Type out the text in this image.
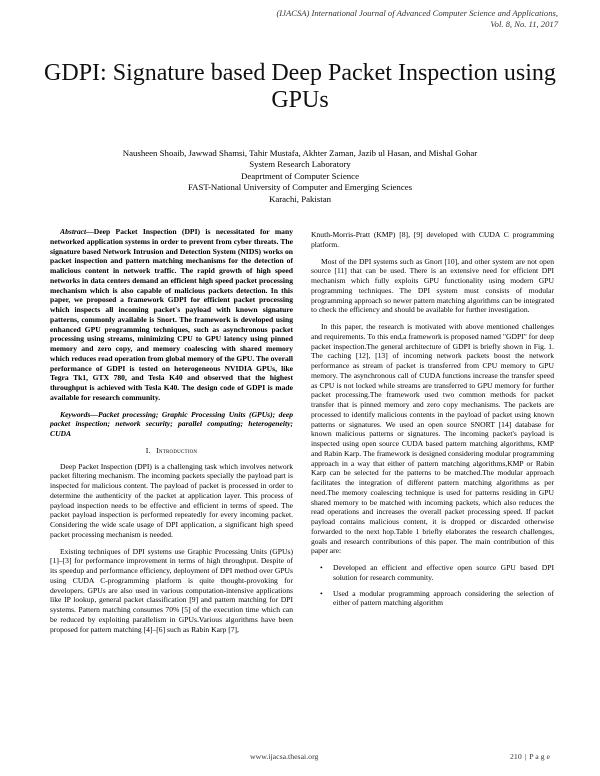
(IJACSA) International Journal of Advanced Computer Science and Applications,
Vol. 8, No. 11, 2017
GDPI: Signature based Deep Packet Inspection using
GPUs
Nausheen Shoaib, Jawwad Shamsi, Tahir Mustafa, Akhter Zaman, Jazib ul Hasan, and Mishal Gohar
System Research Laboratory
Deaprtment of Computer Science
FAST-National University of Computer and Emerging Sciences
Karachi, Pakistan

Abstract—Deep Packet Inspection (DPI) is necessitated for many networked application systems in order to prevent from cyber threats. The signature based Network Intrusion and Detection System (NIDS) works on packet inspection and pattern matching mechanisms for the detection of malicious content in network traffic. The rapid growth of high speed networks in data centers demand an efficient high speed packet processing mechanism which is also capable of malicious packets detection. In this paper, we proposed a framework GDPI for efficient packet processing which inspects all incoming packet's payload with known signature patterns, commonly available is Snort. The framework is developed using enhanced GPU programming techniques, such as asynchronous packet processing using streams, minimizing CPU to GPU latency using pinned memory and zero copy, and memory coalescing with shared memory which reduces read operation from global memory of the GPU. The overall performance of GDPI is tested on heterogeneous NVIDIA GPUs, like Tegra Tk1, GTX 780, and Tesla K40 and observed that the highest throughput is achieved with Tesla K40. The design code of GDPI is made available for research community.

Keywords—Packet processing; Graphic Processing Units (GPUs); deep packet inspection; network security; parallel computing; heterogeneity; CUDA

I. Introduction

Deep Packet Inspection (DPI) is a challenging task which involves network packet filtering mechanism. The incoming packets specially the payload part is inspected for malicious content. The payload of packet is processed in order to determine the authenticity of the packet at application layer. This process of payload inspection needs to be effective and efficient in terms of speed. The packet payload inspection is performed repeatedly for every incoming packet. Considering the wide scale usage of DPI application, a significant high speed packet processing mechanism is needed.

Existing techniques of DPI systems use Graphic Processing Units (GPUs) [1]–[3] for performance improvement in terms of high throughput. Despite of its speedup and performance efficiency, deployment of DPI method over GPUs using CUDA C-programming platform is quite thought-provoking for developers. GPUs are also used in various computation-intensive applications like IP lookup, general packet classification [9] and pattern matching for DPI systems. Pattern matching consumes 70% [5] of the execution time which can be reduced by exploiting parallelism in GPUs.Various algorithms have been proposed for pattern matching [4]–[6] such as Rabin Karp [7],

Knuth-Morris-Pratt (KMP) [8], [9] developed with CUDA C programming platform.

Most of the DPI systems such as Gnort [10], and other system are not open source [11] that can be used. There is an extensive need for efficient DPI mechanism which fully exploits GPU functionality using modern GPU programming techniques. The DPI system must consists of modular programming approach so newer pattern matching algorithms can be integrated to check the efficiency and should be available for further investigation.

In this paper, the research is motivated with above mentioned challenges and requirements. To this end,a framework is proposed named "GDPI" for deep packet inspection.The general architecture of GDPI is briefly shown in Fig. 1. The caching [12], [13] of incoming network packets boost the network performance as stream of packet is transferred from CPU memory to GPU memory. The asynchronous call of CUDA functions increase the transfer speed as CPU is not locked while streams are transferred to GPU memory for further packet processing.The framework used two common methods for packet transfer that is pinned memory and zero copy mechanisms. The packets are processed to identify malicious contents in the payload of packet using known patterns or signatures. We used an open source SNORT [14] database for known malicious patterns or signatures. The incoming packet's payload is inspected using open source CUDA based pattern matching algorithms, KMP and Rabin Karp. The framework is designed considering modular programming approach in a way that either of pattern matching algorithms,KMP or Rabin Karp can be selected for the patterns to be matched.The modular approach facilitates the integration of different pattern matching algorithms as per need.The memory coalescing technique is used for patterns residing in GPU shared memory to be matched with incoming packets, which also reduces the read operations and increases the overall packet processing speed. If packet payload contains malicious content, it is dropped or discarded otherwise forwarded to the next hop.Table 1 briefly elaborates the research challenges, goals and research contributions of this paper. The main contribution of this paper are:

• Developed an efficient and effective open source GPU based DPI solution for research community.
• Used a modular programming approach considering the selection of either of pattern matching algorithm
www.ijacsa.thesai.org	210 | P a g e
